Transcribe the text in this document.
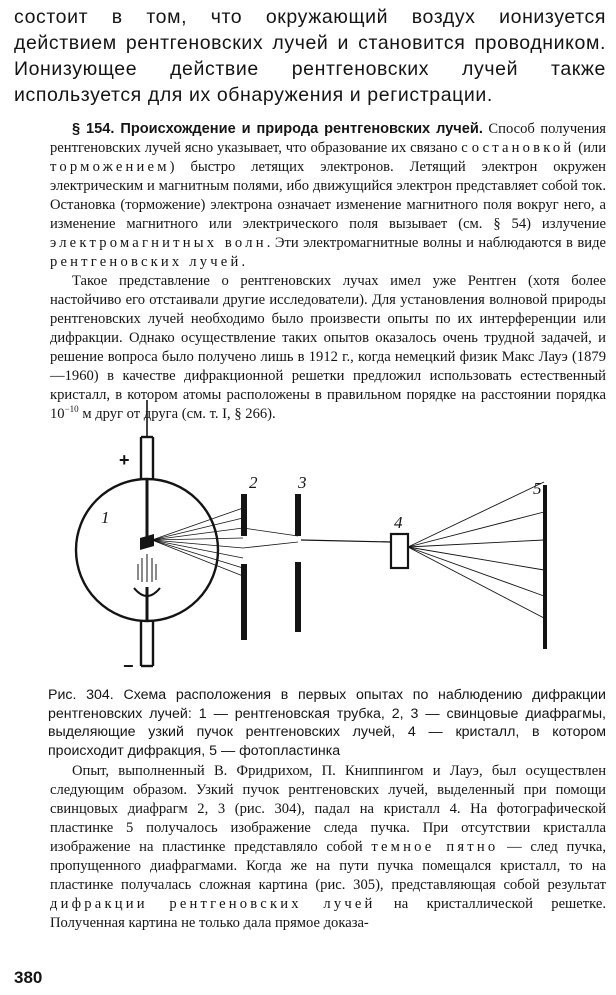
состоит в том, что окружающий воздух ионизуется действием рентгеновских лучей и становится проводником. Ионизующее действие рентгеновских лучей также используется для их обнаружения и регистрации.
§ 154. Происхождение и природа рентгеновских лучей. Способ получения рентгеновских лучей ясно указывает, что образование их связано с остановкой (или торможением) быстро летящих электронов. Летящий электрон окружен электрическим и магнитным полями, ибо движущийся электрон представляет собой ток. Остановка (торможение) электрона означает изменение магнитного поля вокруг него, а изменение магнитного или электрического поля вызывает (см. § 54) излучение электромагнитных волн. Эти электромагнитные волны и наблюдаются в виде рентгеновских лучей.
Такое представление о рентгеновских лучах имел уже Рентген (хотя более настойчиво его отстаивали другие исследователи). Для установления волновой природы рентгеновских лучей необходимо было произвести опыты по их интерференции или дифракции. Однако осуществление таких опытов оказалось очень трудной задачей, и решение вопроса было получено лишь в 1912 г., когда немецкий физик Макс Лауэ (1879—1960) в качестве дифракционной решетки предложил использовать естественный кристалл, в котором атомы расположены в правильном порядке на расстоянии порядка $10^{-10}$ м друг от друга (см. т. I, § 266).
+
−
1
2 3
4
5
Рис. 304. Схема расположения в первых опытах по наблюдению дифракции рентгеновских лучей: 1 — рентгеновская трубка, 2, 3 — свинцовые диафрагмы, выделяющие узкий пучок рентгеновских лучей, 4 — кристалл, в котором происходит дифракция, 5 — фотопластинка
Опыт, выполненный В. Фридрихом, П. Книппингом и Лауэ, был осуществлен следующим образом. Узкий пучок рентгеновских лучей, выделенный при помощи свинцовых диафрагм 2, 3 (рис. 304), падал на кристалл 4. На фотографической пластинке 5 получалось изображение следа пучка. При отсутствии кристалла изображение на пластинке представляло собой темное пятно — след пучка, пропущенного диафрагмами. Когда же на пути пучка помещался кристалл, то на пластинке получалась сложная картина (рис. 305), представляющая собой результат дифракции рентгеновских лучей на кристаллической решетке. Полученная картина не только дала прямое доказа-
380
